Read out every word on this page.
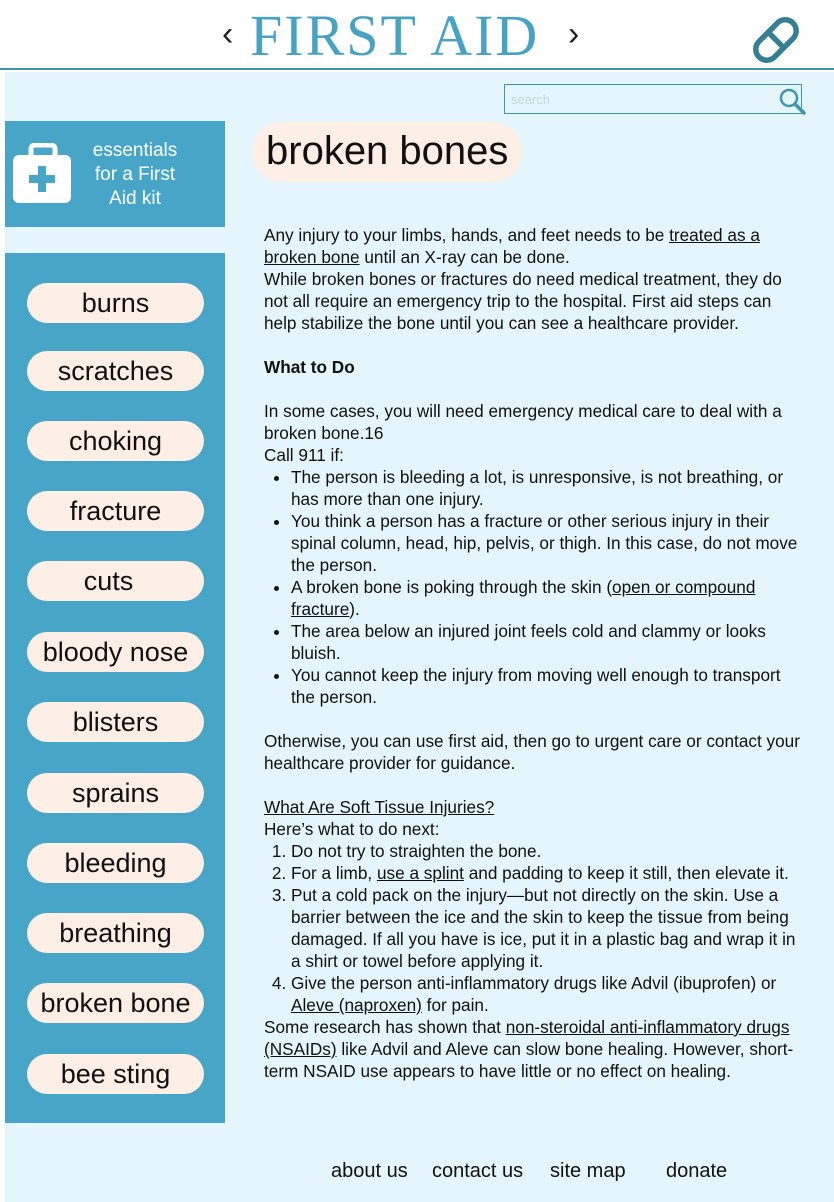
‹ FIRST AID ›
search
essentials for a First Aid kit
burns
scratches
choking
fracture
cuts
bloody nose
blisters
sprains
bleeding
breathing
broken bone
bee sting
broken bones

Any injury to your limbs, hands, and feet needs to be treated as a broken bone until an X-ray can be done.

While broken bones or fractures do need medical treatment, they do not all require an emergency trip to the hospital. First aid steps can help stabilize the bone until you can see a healthcare provider.

What to Do

In some cases, you will need emergency medical care to deal with a broken bone.16

Call 911 if:

• The person is bleeding a lot, is unresponsive, is not breathing, or has more than one injury.
• You think a person has a fracture or other serious injury in their spinal column, head, hip, pelvis, or thigh. In this case, do not move the person.
• A broken bone is poking through the skin (open or compound fracture).
• The area below an injured joint feels cold and clammy or looks bluish.
• You cannot keep the injury from moving well enough to transport the person.

Otherwise, you can use first aid, then go to urgent care or contact your healthcare provider for guidance.

What Are Soft Tissue Injuries?

Here’s what to do next:

1. Do not try to straighten the bone.
2. For a limb, use a splint and padding to keep it still, then elevate it.
3. Put a cold pack on the injury—but not directly on the skin. Use a barrier between the ice and the skin to keep the tissue from being damaged. If all you have is ice, put it in a plastic bag and wrap it in a shirt or towel before applying it.
4. Give the person anti-inflammatory drugs like Advil (ibuprofen) or Aleve (naproxen) for pain.

Some research has shown that non-steroidal anti-inflammatory drugs (NSAIDs) like Advil and Aleve can slow bone healing. However, short-term NSAID use appears to have little or no effect on healing.

about us contact us site map donate
